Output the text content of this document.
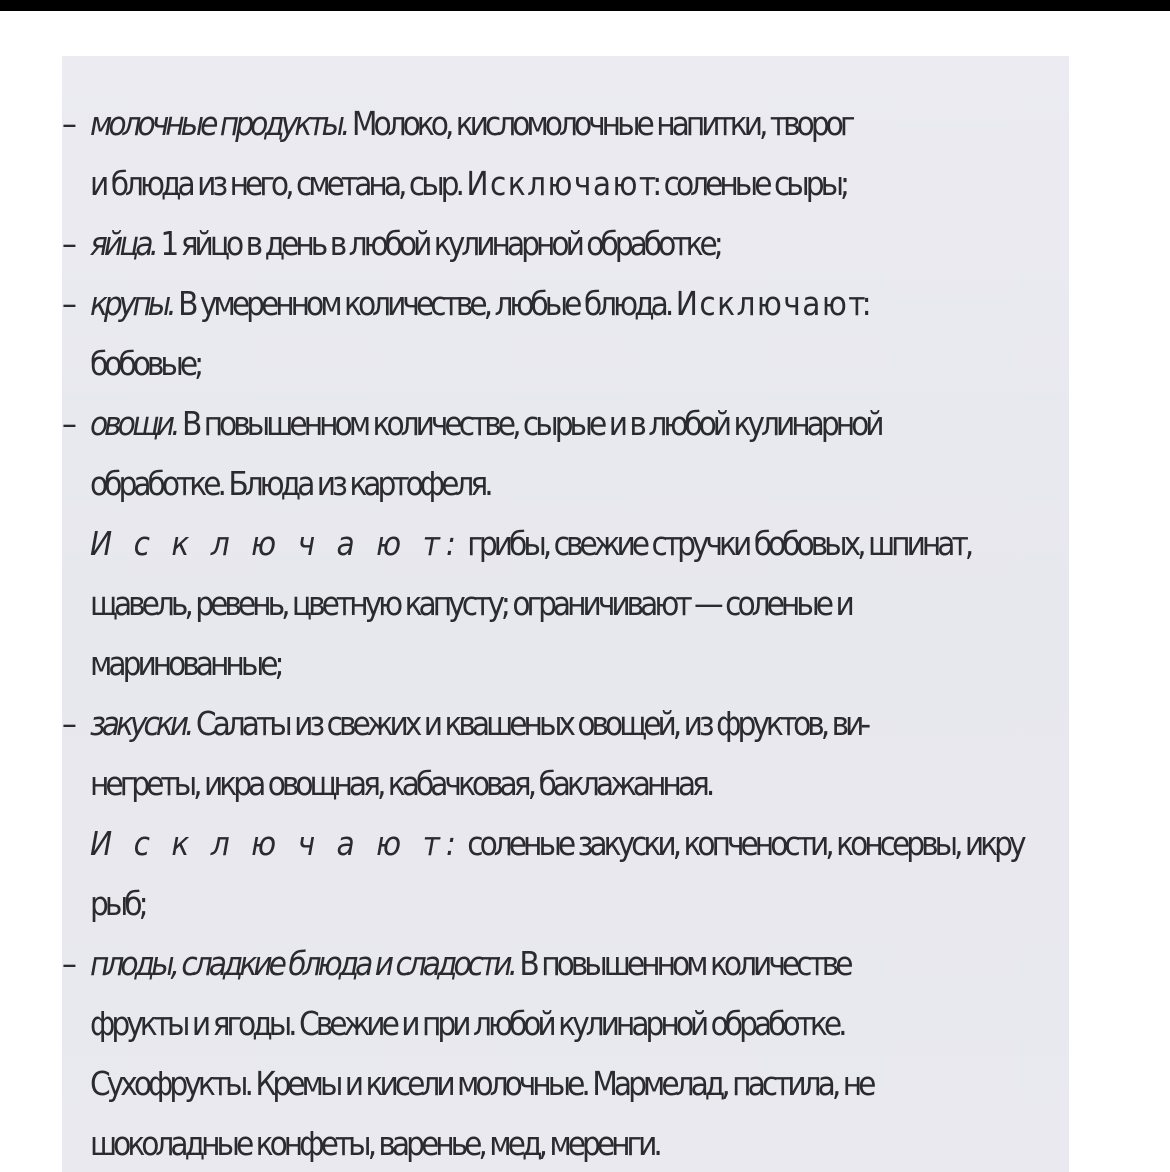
– молочные продукты. Молоко, кисломолочные напитки, творог
и блюда из него, сметана, сыр. И с к л ю ч а ю т: соленые сыры;
– яйца. 1 яйцо в день в любой кулинарной обработке;
– крупы. В умеренном количестве, любые блюда. И с к л ю ч а ю т:
бобовые;
– овощи. В повышенном количестве, сырые и в любой кулинарной
обработке. Блюда из картофеля.
И с к л ю ч а ю т: грибы, свежие стручки бобовых, шпинат,
щавель, ревень, цветную капусту; ограничивают — соленые и
маринованные;
– закуски. Салаты из свежих и квашеных овощей, из фруктов, ви-
негреты, икра овощная, кабачковая, баклажанная.
И с к л ю ч а ю т: соленые закуски, копчености, консервы, икру
рыб;
– плоды, сладкие блюда и сладости. В повышенном количестве
фрукты и ягоды. Свежие и при любой кулинарной обработке.
Сухофрукты. Кремы и кисели молочные. Мармелад, пастила, не
шоколадные конфеты, варенье, мед, меренги.
